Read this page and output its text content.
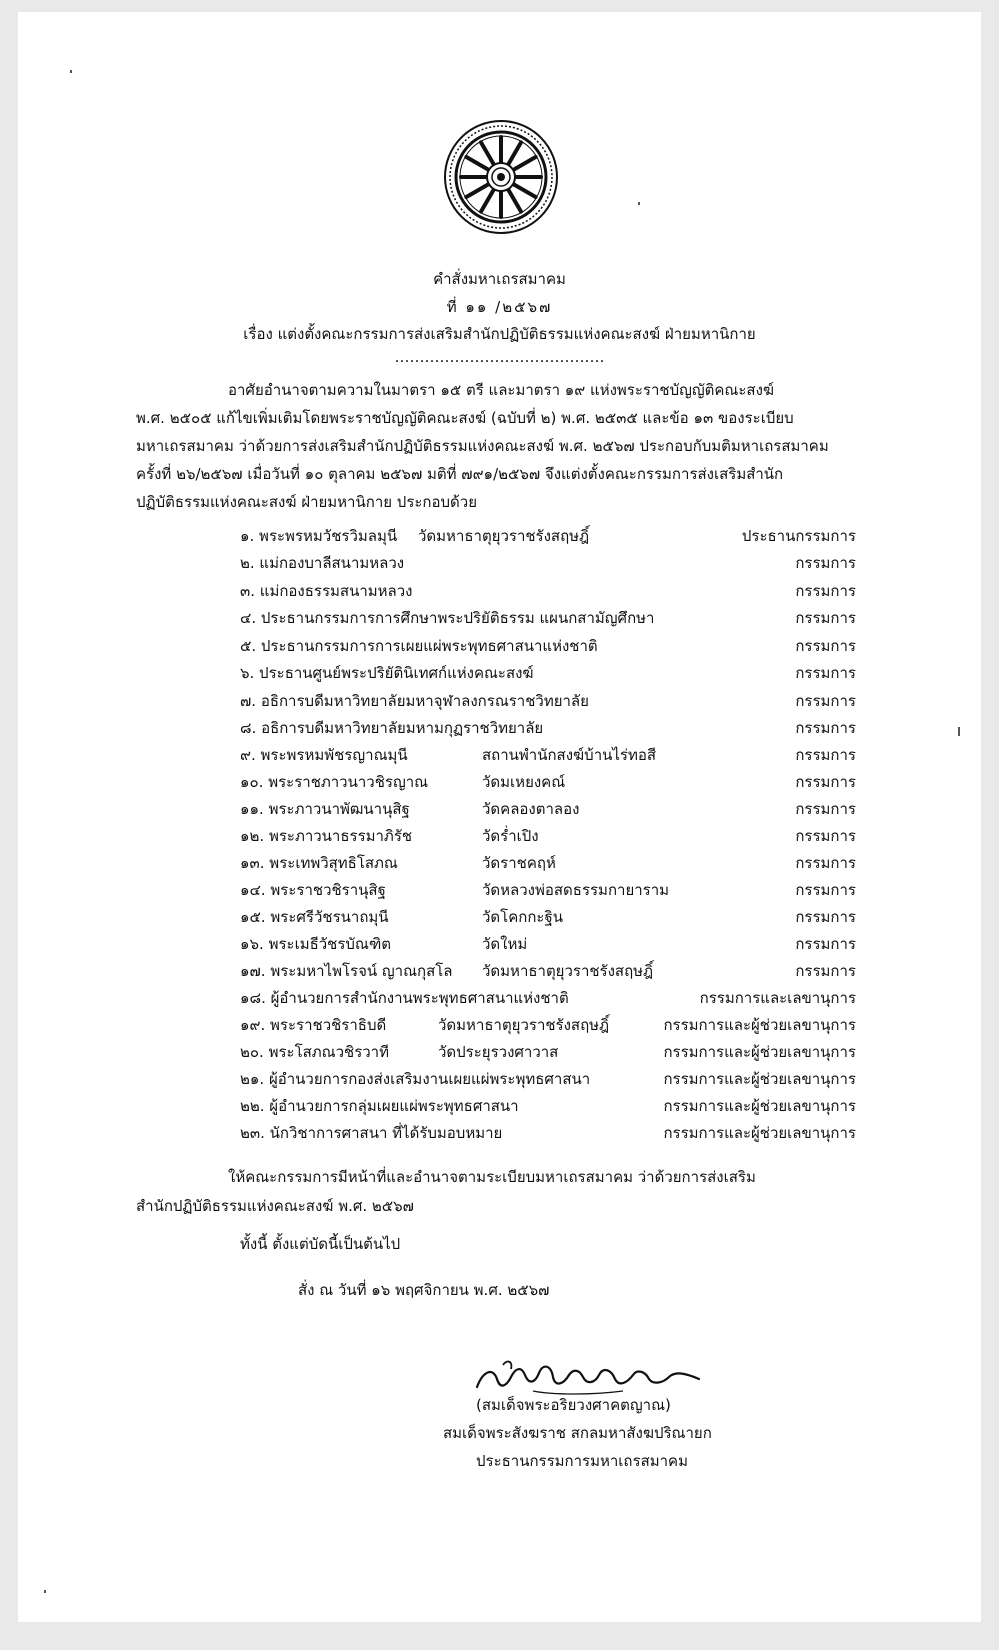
คำสั่งมหาเถรสมาคม
ที่ ๑๑ /๒๕๖๗
เรื่อง แต่งตั้งคณะกรรมการส่งเสริมสำนักปฏิบัติธรรมแห่งคณะสงฆ์ ฝ่ายมหานิกาย
……………………………………
อาศัยอำนาจตามความในมาตรา ๑๕ ตรี และมาตรา ๑๙ แห่งพระราชบัญญัติคณะสงฆ์
พ.ศ. ๒๕๐๕ แก้ไขเพิ่มเติมโดยพระราชบัญญัติคณะสงฆ์ (ฉบับที่ ๒) พ.ศ. ๒๕๓๕ และข้อ ๑๓ ของระเบียบ
มหาเถรสมาคม ว่าด้วยการส่งเสริมสำนักปฏิบัติธรรมแห่งคณะสงฆ์ พ.ศ. ๒๕๖๗ ประกอบกับมติมหาเถรสมาคม
ครั้งที่ ๒๖/๒๕๖๗ เมื่อวันที่ ๑๐ ตุลาคม ๒๕๖๗ มติที่ ๗๙๑/๒๕๖๗ จึงแต่งตั้งคณะกรรมการส่งเสริมสำนัก
ปฏิบัติธรรมแห่งคณะสงฆ์ ฝ่ายมหานิกาย ประกอบด้วย
๑. พระพรหมวัชรวิมลมุนี วัดมหาธาตุยุวราชรังสฤษฎิ์	ประธานกรรมการ
๒. แม่กองบาลีสนามหลวง	กรรมการ
๓. แม่กองธรรมสนามหลวง	กรรมการ
๔. ประธานกรรมการการศึกษาพระปริยัติธรรม แผนกสามัญศึกษา	กรรมการ
๕. ประธานกรรมการการเผยแผ่พระพุทธศาสนาแห่งชาติ	กรรมการ
๖. ประธานศูนย์พระปริยัตินิเทศก์แห่งคณะสงฆ์	กรรมการ
๗. อธิการบดีมหาวิทยาลัยมหาจุฬาลงกรณราชวิทยาลัย	กรรมการ
๘. อธิการบดีมหาวิทยาลัยมหามกุฏราชวิทยาลัย	กรรมการ
๙. พระพรหมพัชรญาณมุนี	สถานพำนักสงฆ์บ้านไร่ทอสี	กรรมการ
๑๐. พระราชภาวนาวชิรญาณ	วัดมเหยงคณ์	กรรมการ
๑๑. พระภาวนาพัฒนานุสิฐ	วัดคลองตาลอง	กรรมการ
๑๒. พระภาวนาธรรมาภิรัช	วัดร่ำเปิง	กรรมการ
๑๓. พระเทพวิสุทธิโสภณ	วัดราชคฤห์	กรรมการ
๑๔. พระราชวชิรานุสิฐ	วัดหลวงพ่อสดธรรมกายาราม	กรรมการ
๑๕. พระศรีวัชรนาถมุนี	วัดโคกกะฐิน	กรรมการ
๑๖. พระเมธีวัชรบัณฑิต	วัดใหม่	กรรมการ
๑๗. พระมหาไพโรจน์ ญาณกุสโล วัดมหาธาตุยุวราชรังสฤษฎิ์	กรรมการ
๑๘. ผู้อำนวยการสำนักงานพระพุทธศาสนาแห่งชาติ	กรรมการและเลขานุการ
๑๙. พระราชวชิราธิบดี	วัดมหาธาตุยุวราชรังสฤษฎิ์	กรรมการและผู้ช่วยเลขานุการ
๒๐. พระโสภณวชิรวาที	วัดประยุรวงศาวาส	กรรมการและผู้ช่วยเลขานุการ
๒๑. ผู้อำนวยการกองส่งเสริมงานเผยแผ่พระพุทธศาสนา	กรรมการและผู้ช่วยเลขานุการ
๒๒. ผู้อำนวยการกลุ่มเผยแผ่พระพุทธศาสนา	กรรมการและผู้ช่วยเลขานุการ
๒๓. นักวิชาการศาสนา ที่ได้รับมอบหมาย	กรรมการและผู้ช่วยเลขานุการ
ให้คณะกรรมการมีหน้าที่และอำนาจตามระเบียบมหาเถรสมาคม ว่าด้วยการส่งเสริม
สำนักปฏิบัติธรรมแห่งคณะสงฆ์ พ.ศ. ๒๕๖๗
ทั้งนี้ ตั้งแต่บัดนี้เป็นต้นไป
สั่ง ณ วันที่ ๑๖ พฤศจิกายน พ.ศ. ๒๕๖๗
(สมเด็จพระอริยวงศาคตญาณ)
สมเด็จพระสังฆราช สกลมหาสังฆปริณายก
ประธานกรรมการมหาเถรสมาคม
